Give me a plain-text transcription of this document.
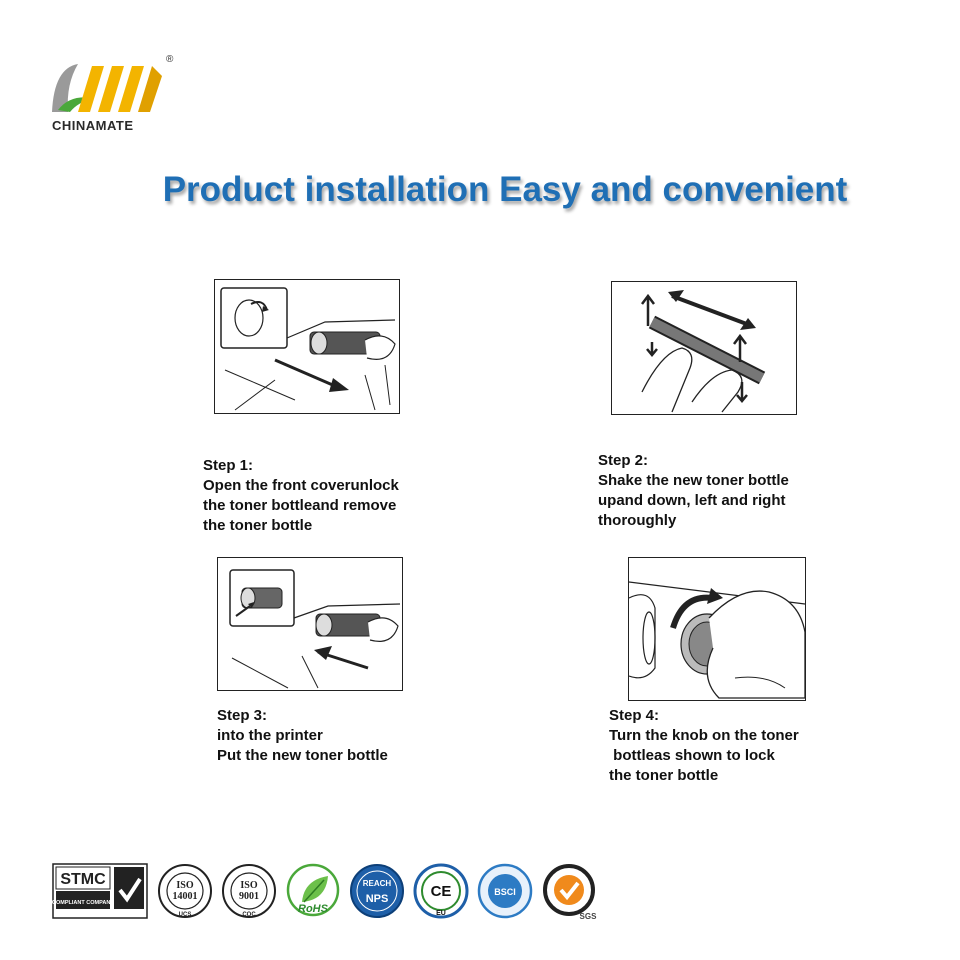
®
CHINAMATE
Product installation Easy and convenient
Step 1:
Open the front coverunlock
the toner bottleand remove
the toner bottle
Step 2:
Shake the new toner bottle
upand down, left and right
thoroughly
Step 3:
into the printer
Put the new toner bottle
Step 4:
Turn the knob on the toner
bottleas shown to lock
the toner bottle
STMC
COMPLIANT COMPANY
ISO
14001
UCS
ISO
9001
CQC	RoHS
REACH
NPS	CE
EU
BSCI
SGS
